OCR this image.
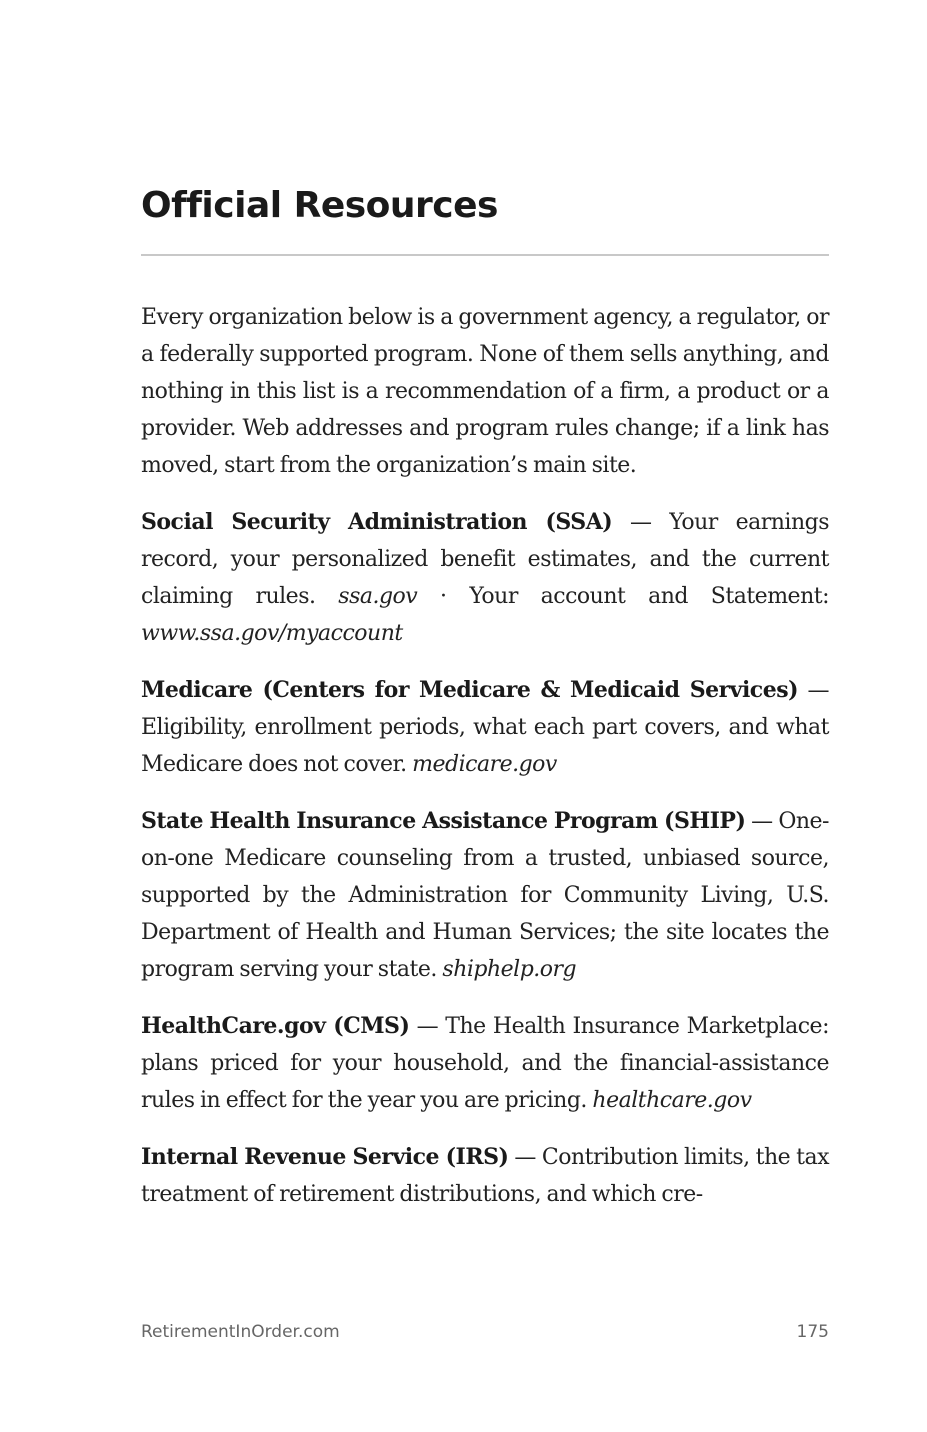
Official Resources

Every organization below is a government agency, a regulator, or a federally supported program. None of them sells anything, and nothing in this list is a recommendation of a firm, a product or a provider. Web addresses and program rules change; if a link has moved, start from the organization’s main site.

Social Security Administration (SSA) — Your earnings record, your personalized benefit estimates, and the current claiming rules. ssa.gov · Your account and Statement: www.ssa.gov/myaccount

Medicare (Centers for Medicare & Medicaid Services) — Eligibility, enrollment periods, what each part covers, and what Medicare does not cover. medicare.gov

State Health Insurance Assistance Program (SHIP) — One-on-one Medicare counseling from a trusted, unbiased source, supported by the Administration for Community Living, U.S. Department of Health and Human Services; the site locates the program serving your state. shiphelp.org

HealthCare.gov (CMS) — The Health Insurance Marketplace: plans priced for your household, and the financial-assistance rules in effect for the year you are pricing. healthcare.gov

Internal Revenue Service (IRS) — Contribution limits, the tax treatment of retirement distributions, and which cre-

RetirementInOrder.com	175
